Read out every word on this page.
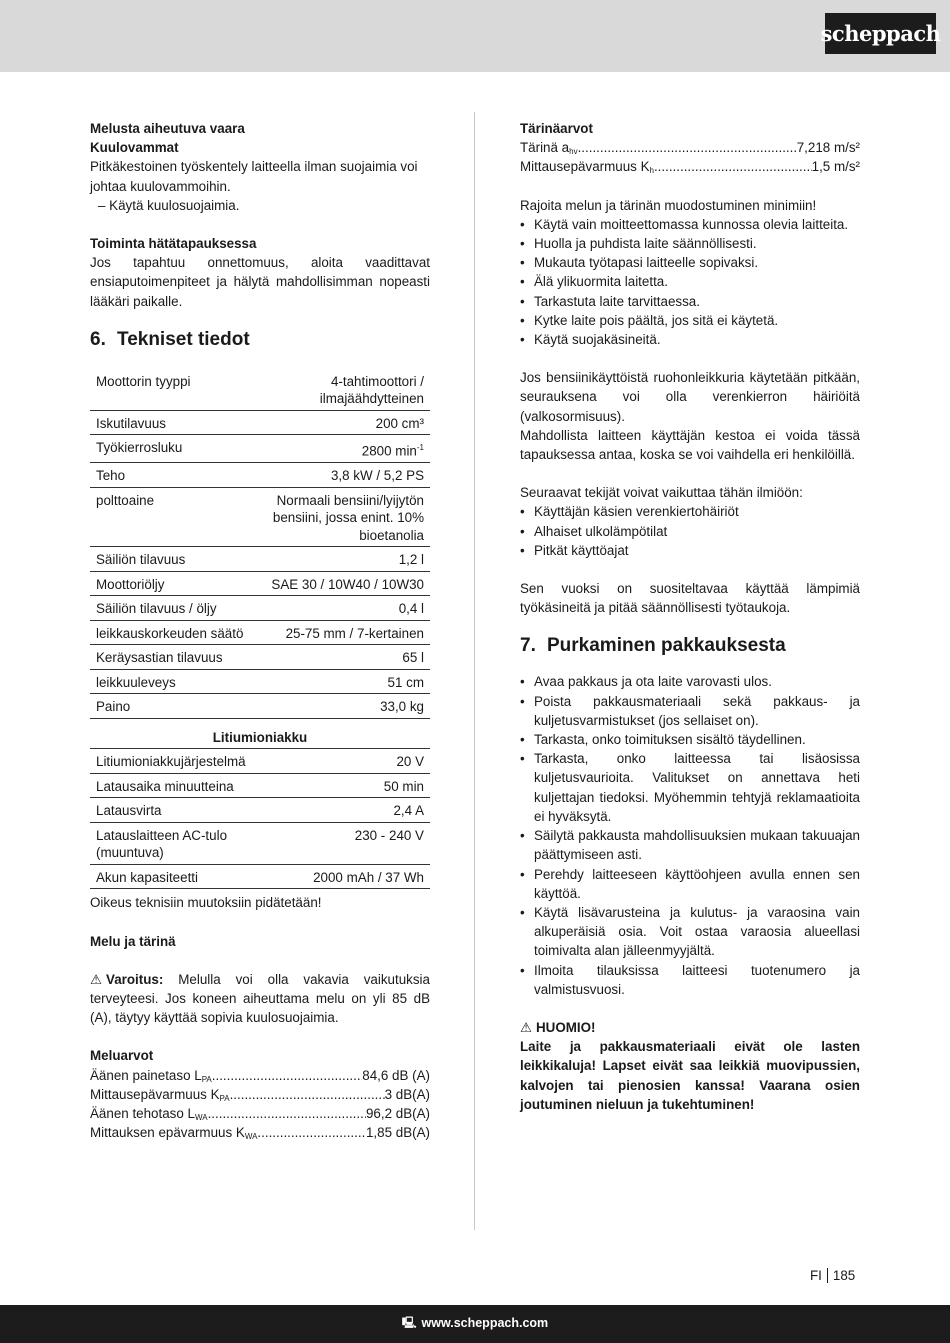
scheppach

Melusta aiheutuva vaara

Kuulovammat

Pitkäkestoinen työskentely laitteella ilman suojaimia voi johtaa kuulovammoihin.

– Käytä kuulosuojaimia.

Toiminta hätätapauksessa

Jos tapahtuu onnettomuus, aloita vaadittavat ensiaputoimenpiteet ja hälytä mahdollisimman nopeasti lääkäri paikalle.

6. Tekniset tiedot
Moottorin tyyppi	4-tahtimoottori / ilmajäähdytteinen
Iskutilavuus	200 cm³
Työkierrosluku	2800 $\min^{-1}$
Teho	3,8 kW / 5,2 PS
polttoaine	Normaali bensiini/lyijytön bensiini, jossa enint. 10% bioetanolia
Säiliön tilavuus	1,2 l
Moottoriöljy	SAE 30 / 10W40 / 10W30
Säiliön tilavuus / öljy	0,4 l
leikkauskorkeuden säätö	25-75 mm / 7-kertainen
Keräysastian tilavuus	65 l
leikkuuleveys	51 cm
Paino	33,0 kg
Litiumioniakku	
Litiumioniakkujärjestelmä	20 V
Latausaika minuutteina	50 min
Latausvirta	2,4 A
Latauslaitteen AC-tulo (muuntuva)	230 - 240 V
Akun kapasiteetti	2000 mAh / 37 Wh

Oikeus teknisiin muutoksiin pidätetään!

Melu ja tärinä

⚠ Varoitus: Melulla voi olla vakavia vaikutuksia terveyteesi. Jos koneen aiheuttama melu on yli 85 dB (A), täytyy käyttää sopivia kuulosuojaimia.

Meluarvot

Äänen painetaso $L_{PA}$ .....	84,6 dB (A)
Mittausepävarmuus $K_{PA}$ .....	3 dB(A)
Äänen tehotaso $L_{WA}$ .....	96,2 dB(A)
Mittauksen epävarmuus $K_{WA}$ .....	1,85 dB(A)

Tärinäarvot

Tärinä $a_{hv}$ .....	7,218 m/s²
Mittausepävarmuus $K_h$ .....	1,5 m/s²

Rajoita melun ja tärinän muodostuminen minimiin!

• Käytä vain moitteettomassa kunnossa olevia laitteita.
• Huolla ja puhdista laite säännöllisesti.
• Mukauta työtapasi laitteelle sopivaksi.
• Älä ylikuormita laitetta.
• Tarkastuta laite tarvittaessa.
• Kytke laite pois päältä, jos sitä ei käytetä.
• Käytä suojakäsineitä.

Jos bensiinikäyttöistä ruohonleikkuria käytetään pitkään, seurauksena voi olla verenkierron häiriöitä (valkosormisuus).

Mahdollista laitteen käyttäjän kestoa ei voida tässä tapauksessa antaa, koska se voi vaihdella eri henkilöillä.

Seuraavat tekijät voivat vaikuttaa tähän ilmiöön:

• Käyttäjän käsien verenkiertohäiriöt
• Alhaiset ulkolämpötilat
• Pitkät käyttöajat

Sen vuoksi on suositeltavaa käyttää lämpimiä työkäsineitä ja pitää säännöllisesti työtaukoja.

7. Purkaminen pakkauksesta
• Avaa pakkaus ja ota laite varovasti ulos.
• Poista pakkausmateriaali sekä pakkaus- ja kuljetusvarmistukset (jos sellaiset on).
• Tarkasta, onko toimituksen sisältö täydellinen.
• Tarkasta, onko laitteessa tai lisäosissa kuljetusvaurioita. Valitukset on annettava heti kuljettajan tiedoksi. Myöhemmin tehtyjä reklamaatioita ei hyväksytä.
• Säilytä pakkausta mahdollisuuksien mukaan takuuajan päättymiseen asti.
• Perehdy laitteeseen käyttöohjeen avulla ennen sen käyttöä.
• Käytä lisävarusteina ja kulutus- ja varaosina vain alkuperäisiä osia. Voit ostaa varaosia alueellasi toimivalta alan jälleenmyyjältä.
• Ilmoita tilauksissa laitteesi tuotenumero ja valmistusvuosi.

⚠ HUOMIO!

Laite ja pakkausmateriaali eivät ole lasten leikkikaluja! Lapset eivät saa leikkiä muovipussien, kalvojen tai pienosien kanssa! Vaarana osien joutuminen nieluun ja tukehtuminen!

FI 185
🖳 www.scheppach.com
